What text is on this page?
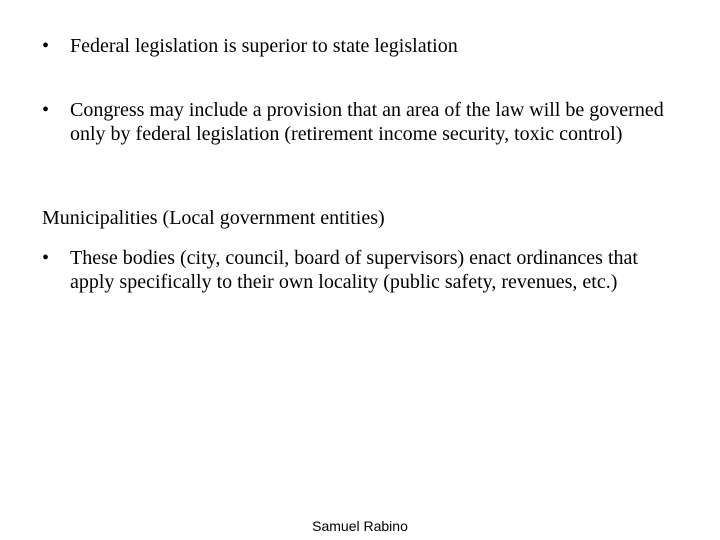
• Federal legislation is superior to state legislation
• Congress may include a provision that an area of the law will be governed only by federal legislation (retirement income security, toxic control)
Municipalities (Local government entities)
• These bodies (city, council, board of supervisors) enact ordinances that apply specifically to their own locality (public safety, revenues, etc.)
Samuel Rabino
